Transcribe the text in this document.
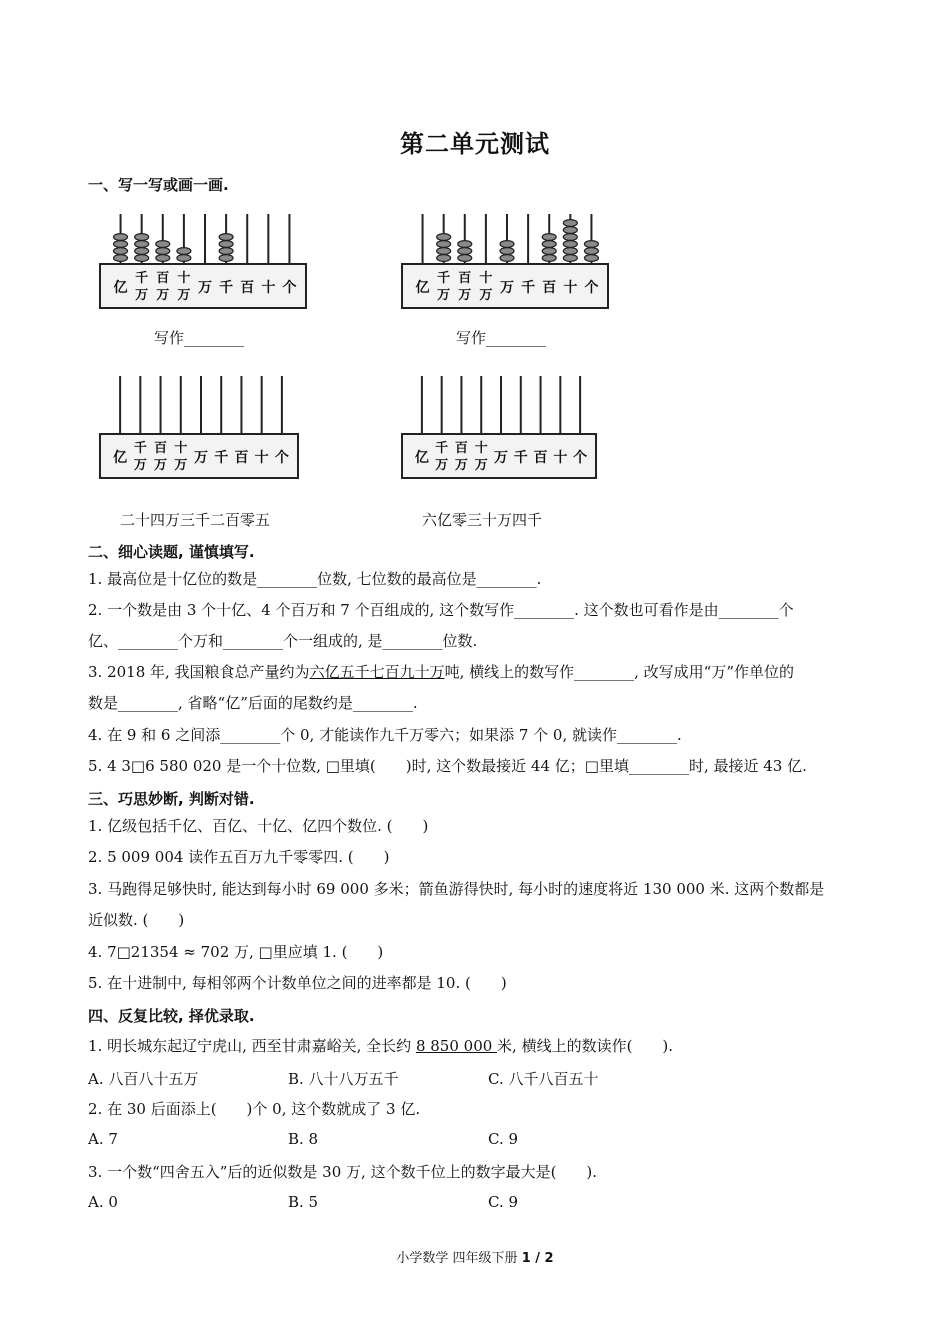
第二单元测试
一、写一写或画一画.
亿
千
万
百
万
十
万 万 千 百 十 个	亿
千
万
百
万
十
万 万 千 百 十 个
亿
千
万
百
万
十
万 万 千 百 十 个	亿
千
万
百
万
十
万 万 千 百 十 个
写作________	写作________
二十四万三千二百零五	六亿零三十万四千
二、细心读题, 谨慎填写.
1. 最高位是十亿位的数是________位数, 七位数的最高位是________.
2. 一个数是由 3 个十亿、4 个百万和 7 个百组成的, 这个数写作________. 这个数也可看作是由________个
亿、________个万和________个一组成的, 是________位数.
3. 2018 年, 我国粮食总产量约为六亿五千七百九十万吨, 横线上的数写作________, 改写成用“万”作单位的
数是________, 省略“亿”后面的尾数约是________.
4. 在 9 和 6 之间添________个 0, 才能读作九千万零六；如果添 7 个 0, 就读作________.
5. 4 3□6 580 020 是一个十位数, □里填(　　)时, 这个数最接近 44 亿；□里填________时, 最接近 43 亿.
三、巧思妙断, 判断对错.
1. 亿级包括千亿、百亿、十亿、亿四个数位. (　　)
2. 5 009 004 读作五百万九千零零四. (　　)
3. 马跑得足够快时, 能达到每小时 69 000 多米；箭鱼游得快时, 每小时的速度将近 130 000 米. 这两个数都是
近似数. (　　)
4. 7□21354 ≈ 702 万, □里应填 1. (　　)
5. 在十进制中, 每相邻两个计数单位之间的进率都是 10. (　　)
四、反复比较, 择优录取.
1. 明长城东起辽宁虎山, 西至甘肃嘉峪关, 全长约 8 850 000 米, 横线上的数读作(　　).
A. 八百八十五万	B. 八十八万五千	C. 八千八百五十
2. 在 30 后面添上(　　)个 0, 这个数就成了 3 亿.
A. 7	B. 8	C. 9
3. 一个数“四舍五入”后的近似数是 30 万, 这个数千位上的数字最大是(　　).
A. 0	B. 5	C. 9
小学数学 四年级下册 1 / 2
